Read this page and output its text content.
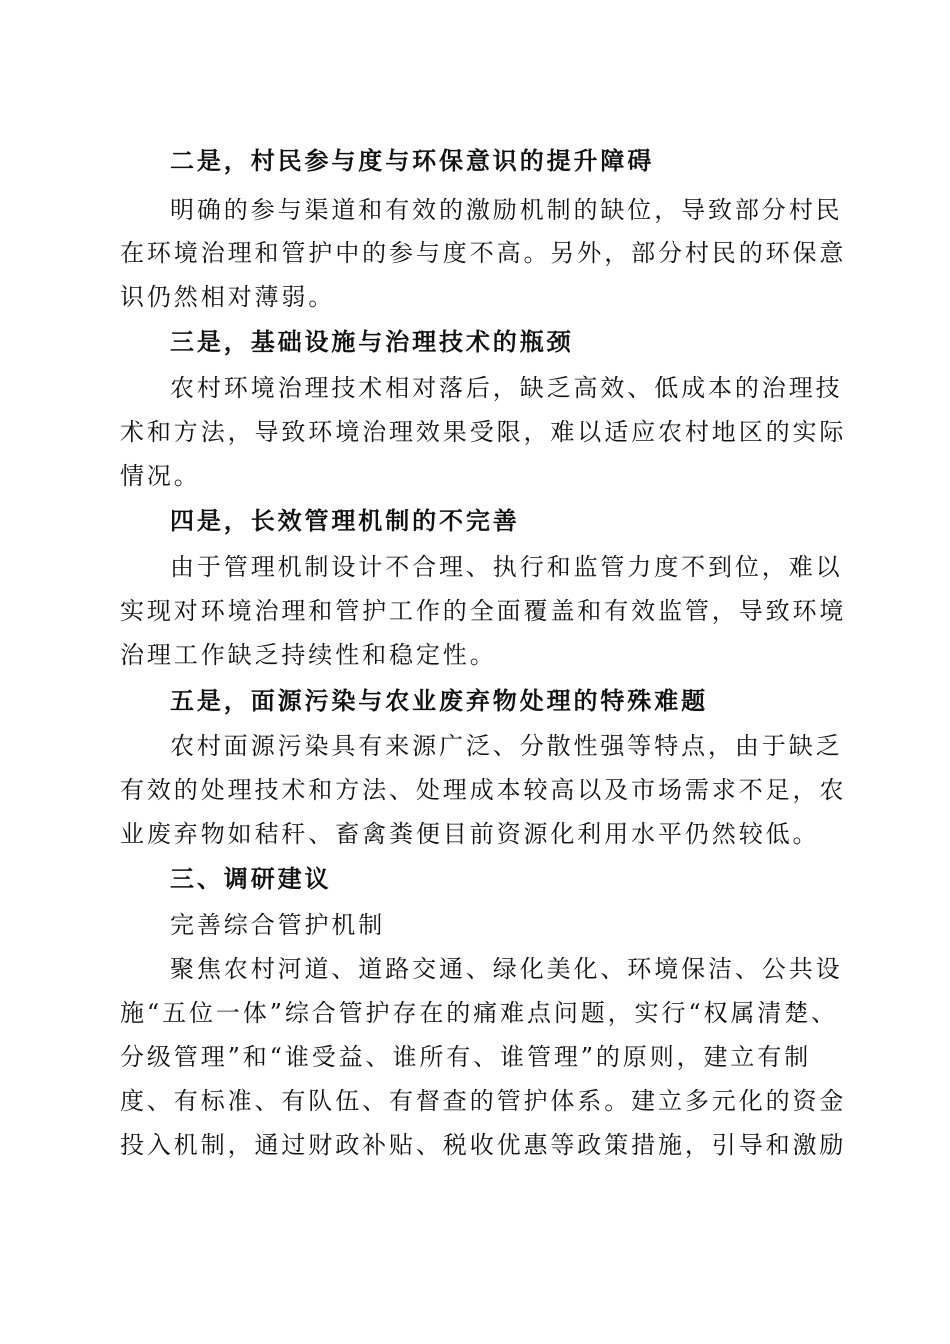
二是，村民参与度与环保意识的提升障碍
明确的参与渠道和有效的激励机制的缺位，导致部分村民
在环境治理和管护中的参与度不高。另外，部分村民的环保意
识仍然相对薄弱。
三是，基础设施与治理技术的瓶颈
农村环境治理技术相对落后，缺乏高效、低成本的治理技
术和方法，导致环境治理效果受限，难以适应农村地区的实际
情况。
四是，长效管理机制的不完善
由于管理机制设计不合理、执行和监管力度不到位，难以
实现对环境治理和管护工作的全面覆盖和有效监管，导致环境
治理工作缺乏持续性和稳定性。
五是，面源污染与农业废弃物处理的特殊难题
农村面源污染具有来源广泛、分散性强等特点，由于缺乏
有效的处理技术和方法、处理成本较高以及市场需求不足，农
业废弃物如秸秆、畜禽粪便目前资源化利用水平仍然较低。
三、调研建议
完善综合管护机制
聚焦农村河道、道路交通、绿化美化、环境保洁、公共设
施“五位一体”综合管护存在的痛难点问题，实行“权属清楚、
分级管理”和“谁受益、谁所有、谁管理”的原则，建立有制
度、有标准、有队伍、有督查的管护体系。建立多元化的资金
投入机制，通过财政补贴、税收优惠等政策措施，引导和激励
